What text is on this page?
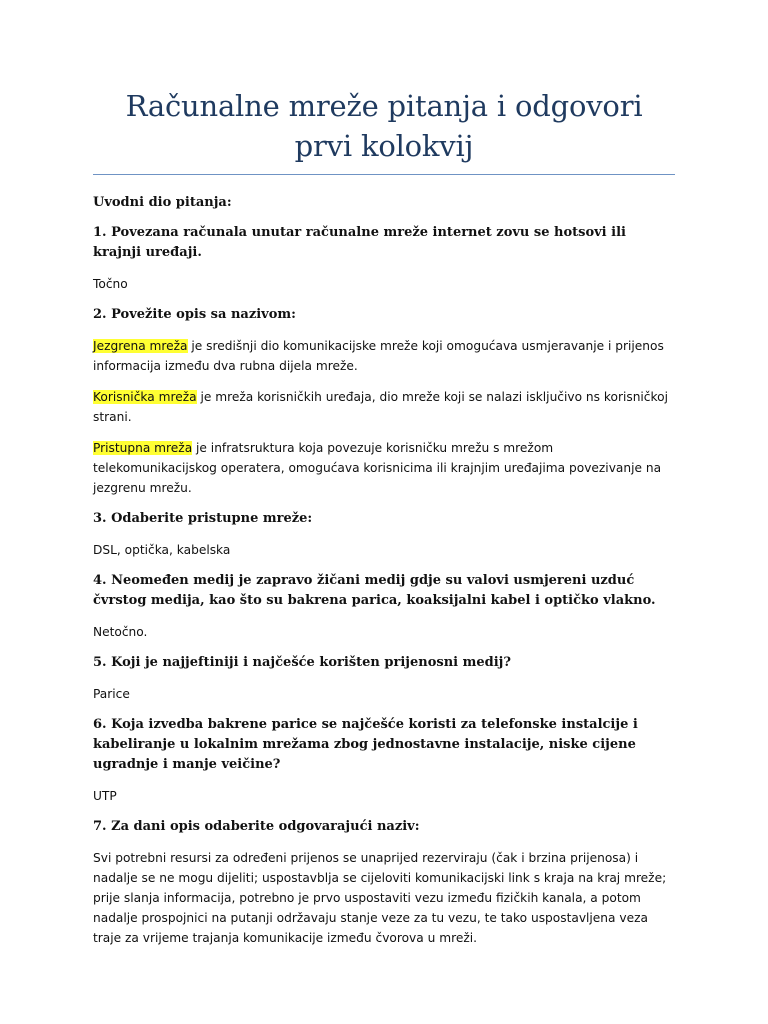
Računalne mreže pitanja i odgovori
prvi kolokvij

Uvodni dio pitanja:

1. Povezana računala unutar računalne mreže internet zovu se hotsovi ili krajnji uređaji.

Točno

2. Povežite opis sa nazivom:

Jezgrena mreža je središnji dio komunikacijske mreže koji omogućava usmjeravanje i prijenos informacija između dva rubna dijela mreže.

Korisnička mreža je mreža korisničkih uređaja, dio mreže koji se nalazi isključivo ns korisničkoj strani.

Pristupna mreža je infratsruktura koja povezuje korisničku mrežu s mrežom telekomunikacijskog operatera, omogućava korisnicima ili krajnjim uređajima povezivanje na jezgrenu mrežu.

3. Odaberite pristupne mreže:

DSL, optička, kabelska

4. Neomeđen medij je zapravo žičani medij gdje su valovi usmjereni uzduć čvrstog medija, kao što su bakrena parica, koaksijalni kabel i optičko vlakno.

Netočno.

5. Koji je najjeftiniji i najčešće korišten prijenosni medij?

Parice

6. Koja izvedba bakrene parice se najčešće koristi za telefonske instalcije i kabeliranje u lokalnim mrežama zbog jednostavne instalacije, niske cijene ugradnje i manje veičine?

UTP

7. Za dani opis odaberite odgovarajući naziv:

Svi potrebni resursi za određeni prijenos se unaprijed rezerviraju (čak i brzina prijenosa) i nadalje se ne mogu dijeliti; uspostavblja se cijeloviti komunikacijski link s kraja na kraj mreže; prije slanja informacija, potrebno je prvo uspostaviti vezu između fizičkih kanala, a potom nadalje prospojnici na putanji održavaju stanje veze za tu vezu, te tako uspostavljena veza traje za vrijeme trajanja komunikacije između čvorova u mreži.
